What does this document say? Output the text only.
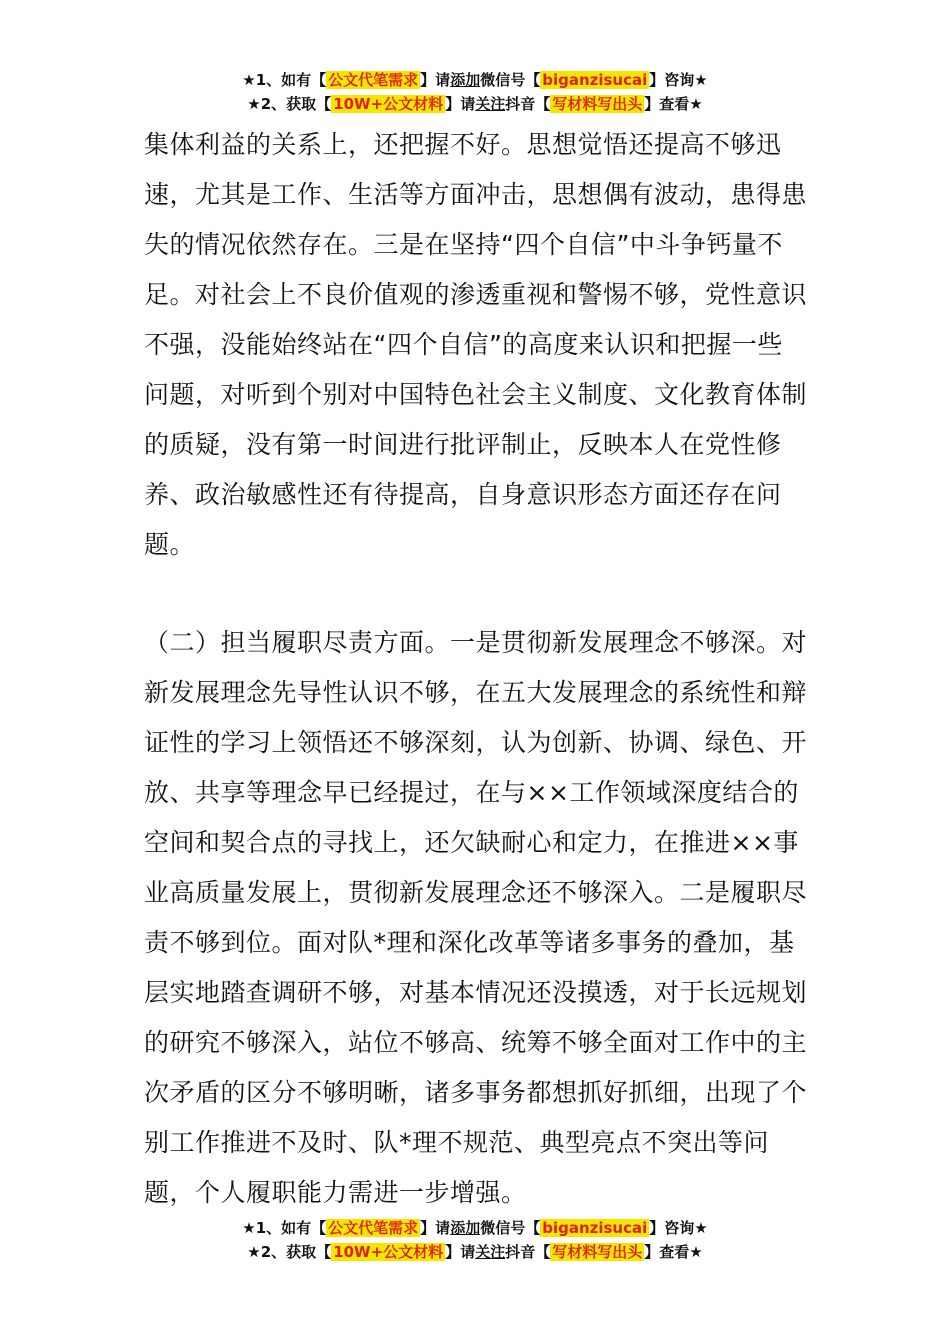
★1、如有【 公文代笔需求 】请添加微信号【 biganzisucai 】咨询★
★2、获取【 10W+公文材料 】请关注抖音【 写材料写出头 】查看★

集体利益的关系上，还把握不好。思想觉悟还提高不够迅速，尤其是工作、生活等方面冲击，思想偶有波动，患得患失的情况依然存在。三是在坚持“四个自信”中斗争钙量不足。对社会上不良价值观的渗透重视和警惕不够，党性意识不强，没能始终站在“四个自信”的高度来认识和把握一些问题，对听到个别对中国特色社会主义制度、文化教育体制的质疑，没有第一时间进行批评制止，反映本人在党性修养、政治敏感性还有待提高，自身意识形态方面还存在问题。

（二）担当履职尽责方面。一是贯彻新发展理念不够深。对新发展理念先导性认识不够，在五大发展理念的系统性和辩证性的学习上领悟还不够深刻，认为创新、协调、绿色、开放、共享等理念早已经提过，在与××工作领域深度结合的空间和契合点的寻找上，还欠缺耐心和定力，在推进××事业高质量发展上，贯彻新发展理念还不够深入。二是履职尽责不够到位。面对队*理和深化改革等诸多事务的叠加，基层实地踏查调研不够，对基本情况还没摸透，对于长远规划的研究不够深入，站位不够高、统筹不够全面对工作中的主次矛盾的区分不够明晰，诸多事务都想抓好抓细，出现了个别工作推进不及时、队*理不规范、典型亮点不突出等问题，个人履职能力需进一步增强。

★1、如有【 公文代笔需求 】请添加微信号【 biganzisucai 】咨询★
★2、获取【 10W+公文材料 】请关注抖音【 写材料写出头 】查看★
